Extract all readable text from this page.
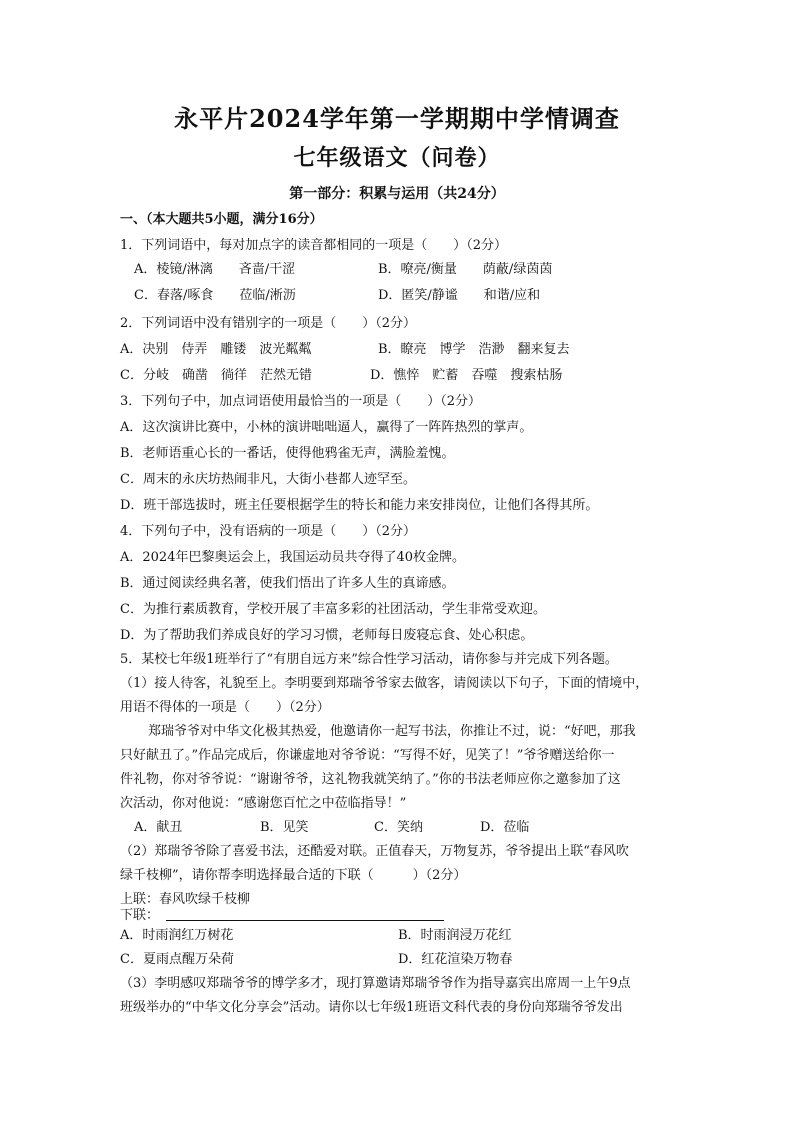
永平片2024学年第一学期期中学情调查
七年级语文（问卷）
第一部分：积累与运用（共24分）
一、（本大题共5小题，满分16分）
1．下列词语中，每对加点字的读音都相同的一项是（　　）（2分）
A．棱镜/淋漓　　吝啬/干涩	B．嘹亮/衡量　　荫蔽/绿茵茵
C．春落/啄食　　莅临/淅沥	D．匿笑/静谧　　和谐/应和
2．下列词语中没有错别字的一项是（　　）（2分）
A．决别　侍弄　雕镂　波光粼粼	B．瞭亮　博学　浩渺　翻来复去
C．分岐　确凿　徜徉　茫然无错	D．憔悴　贮蓄　吞噬　搜索枯肠
3．下列句子中，加点词语使用最恰当的一项是（　　）（2分）
A．这次演讲比赛中，小林的演讲咄咄逼人，赢得了一阵阵热烈的掌声。
B．老师语重心长的一番话，使得他鸦雀无声，满脸羞愧。
C．周末的永庆坊热闹非凡，大街小巷都人迹罕至。
D．班干部选拔时，班主任要根据学生的特长和能力来安排岗位，让他们各得其所。
4．下列句子中，没有语病的一项是（　　）（2分）
A．2024年巴黎奥运会上，我国运动员共夺得了40枚金牌。
B．通过阅读经典名著，使我们悟出了许多人生的真谛感。
C．为推行素质教育，学校开展了丰富多彩的社团活动，学生非常受欢迎。
D．为了帮助我们养成良好的学习习惯，老师每日废寝忘食、处心积虑。
5．某校七年级1班举行了“有朋自远方来”综合性学习活动，请你参与并完成下列各题。
（1）接人待客，礼貌至上。李明要到郑瑞爷爷家去做客，请阅读以下句子，下面的情境中，
用语不得体的一项是（　　）（2分）
郑瑞爷爷对中华文化极其热爱，他邀请你一起写书法，你推让不过，说：“好吧，那我
只好献丑了。”作品完成后，你谦虚地对爷爷说：“写得不好，见笑了！”爷爷赠送给你一
件礼物，你对爷爷说：“谢谢爷爷，这礼物我就笑纳了。”你的书法老师应你之邀参加了这
次活动，你对他说：“感谢您百忙之中莅临指导！”
A．献丑	B．见笑	C．笑纳	D．莅临
（2）郑瑞爷爷除了喜爱书法，还酷爱对联。正值春天，万物复苏，爷爷提出上联“春风吹
绿千枝柳”，请你帮李明选择最合适的下联（　　　）（2分）
上联：春风吹绿千枝柳
下联：
A．时雨润红万树花	B．时雨润浸万花红
C．夏雨点醒万朵荷	D．红花渲染万物春
（3）李明感叹郑瑞爷爷的博学多才，现打算邀请郑瑞爷爷作为指导嘉宾出席周一上午9点
班级举办的“中华文化分享会”活动。请你以七年级1班语文科代表的身份向郑瑞爷爷发出
